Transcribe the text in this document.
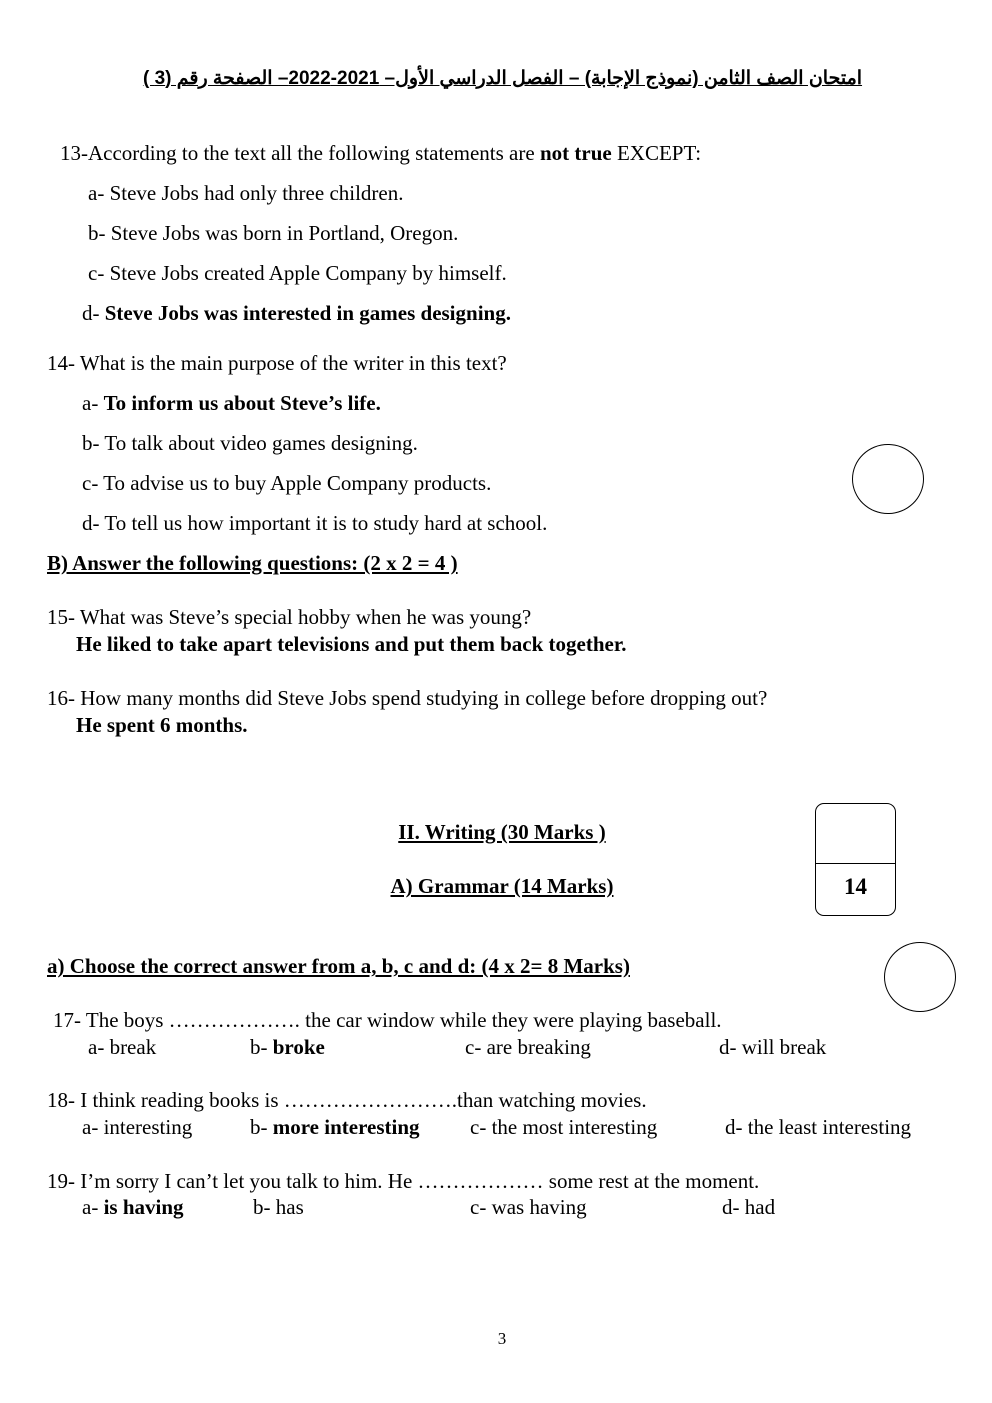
امتحان الصف الثامن (نموذج الإجابة) – الفصل الدراسي الأول– 2021-2022– الصفحة رقم (3 )
13-According to the text all the following statements are not true EXCEPT:
a- Steve Jobs had only three children.
b- Steve Jobs was born in Portland, Oregon.
c- Steve Jobs created Apple Company by himself.
d- Steve Jobs was interested in games designing.
14- What is the main purpose of the writer in this text?
a- To inform us about Steve’s life.
b- To talk about video games designing.
c- To advise us to buy Apple Company products.
d- To tell us how important it is to study hard at school.
B) Answer the following questions: (2 x 2 = 4 )
15- What was Steve’s special hobby when he was young?
He liked to take apart televisions and put them back together.
16- How many months did Steve Jobs spend studying in college before dropping out?
He spent 6 months.
II. Writing (30 Marks )
A) Grammar (14 Marks)	14
a) Choose the correct answer from a, b, c and d: (4 x 2= 8 Marks)
17- The boys ………………. the car window while they were playing baseball.
a- break	b- broke	c- are breaking	d- will break
18- I think reading books is …………………….than watching movies.
a- interesting	b- more interesting c- the most interesting	d- the least interesting
19- I’m sorry I can’t let you talk to him. He ……………… some rest at the moment.
a- is having	b- has	c- was having	d- had
3
